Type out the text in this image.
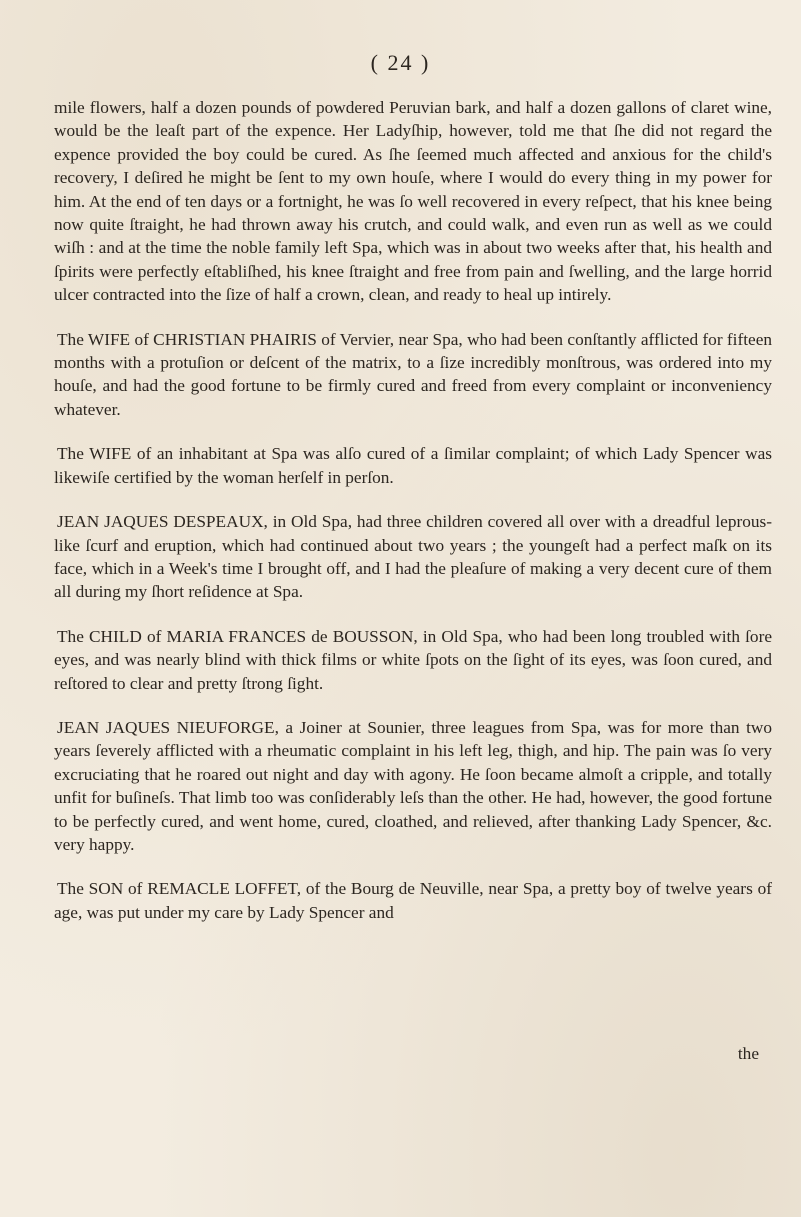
( 24 )

mile flowers, half a dozen pounds of powdered Peruvian bark, and half a dozen gallons of claret wine, would be the leaſt part of the expence. Her Ladyſhip, however, told me that ſhe did not regard the expence provided the boy could be cured. As ſhe ſeemed much affected and anxious for the child's recovery, I deſired he might be ſent to my own houſe, where I would do every thing in my power for him. At the end of ten days or a fortnight, he was ſo well recovered in every reſpect, that his knee being now quite ſtraight, he had thrown away his crutch, and could walk, and even run as well as we could wiſh : and at the time the noble family left Spa, which was in about two weeks after that, his health and ſpirits were perfectly eſtabliſhed, his knee ſtraight and free from pain and ſwelling, and the large horrid ulcer contracted into the ſize of half a crown, clean, and ready to heal up intirely.

The WIFE of CHRISTIAN PHAIRIS of Vervier, near Spa, who had been conſtantly afflicted for fifteen months with a protuſion or deſcent of the matrix, to a ſize incredibly monſtrous, was ordered into my houſe, and had the good fortune to be firmly cured and freed from every complaint or inconveniency whatever.

The WIFE of an inhabitant at Spa was alſo cured of a ſimilar complaint; of which Lady Spencer was likewiſe certified by the woman herſelf in perſon.

JEAN JAQUES DESPEAUX, in Old Spa, had three children covered all over with a dreadful leprous-like ſcurf and eruption, which had continued about two years ; the youngeſt had a perfect maſk on its face, which in a Week's time I brought off, and I had the pleaſure of making a very decent cure of them all during my ſhort reſidence at Spa.

The CHILD of MARIA FRANCES de BOUSSON, in Old Spa, who had been long troubled with ſore eyes, and was nearly blind with thick films or white ſpots on the ſight of its eyes, was ſoon cured, and reſtored to clear and pretty ſtrong ſight.

JEAN JAQUES NIEUFORGE, a Joiner at Sounier, three leagues from Spa, was for more than two years ſeverely afflicted with a rheumatic complaint in his left leg, thigh, and hip. The pain was ſo very excruciating that he roared out night and day with agony. He ſoon became almoſt a cripple, and totally unfit for buſineſs. That limb too was conſiderably leſs than the other. He had, however, the good fortune to be perfectly cured, and went home, cured, cloathed, and relieved, after thanking Lady Spencer, &c. very happy.

The SON of REMACLE LOFFET, of the Bourg de Neuville, near Spa, a pretty boy of twelve years of age, was put under my care by Lady Spencer and

the
